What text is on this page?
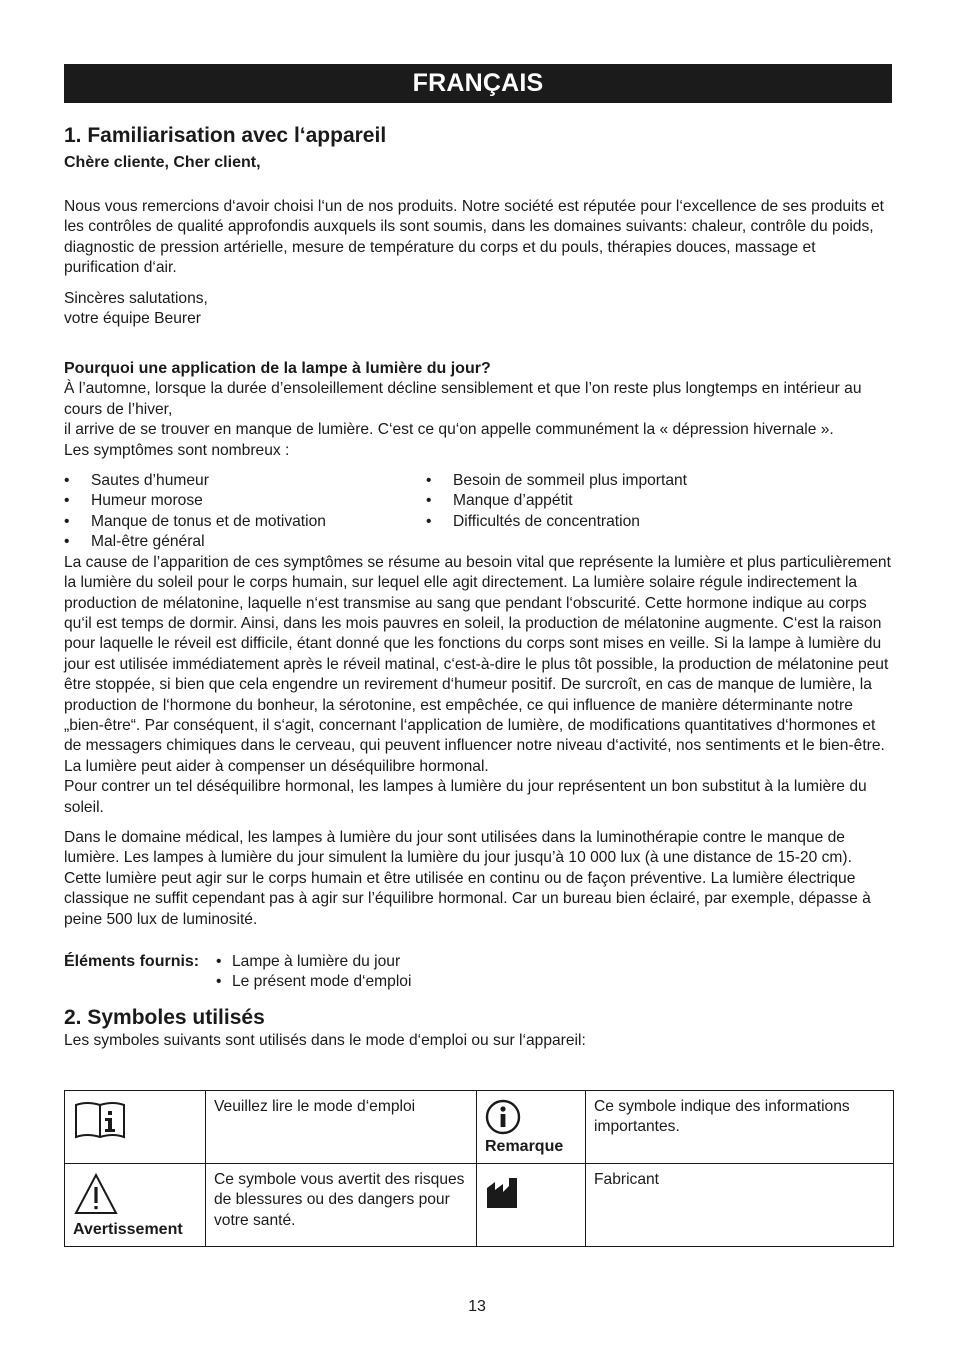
FRANÇAIS
1. Familiarisation avec l‘appareil
Chère cliente, Cher client,

Nous vous remercions d‘avoir choisi l‘un de nos produits. Notre société est réputée pour l‘excellence de ses produits et les contrôles de qualité approfondis auxquels ils sont soumis, dans les domaines suivants: chaleur, contrôle du poids, diagnostic de pression artérielle, mesure de température du corps et du pouls, thérapies douces, massage et purification d‘air.

Sincères salutations,

votre équipe Beurer

Pourquoi une application de la lampe à lumière du jour?

À l’automne, lorsque la durée d’ensoleillement décline sensiblement et que l’on reste plus longtemps en intérieur au cours de l’hiver,

il arrive de se trouver en manque de lumière. C‘est ce qu‘on appelle communément la « dépression hivernale ».

Les symptômes sont nombreux :

• Sautes d’humeur
• Humeur morose
• Manque de tonus et de motivation
• Mal-être général
• Besoin de sommeil plus important
• Manque d’appétit
• Difficultés de concentration

La cause de l’apparition de ces symptômes se résume au besoin vital que représente la lumière et plus particulièrement la lumière du soleil pour le corps humain, sur lequel elle agit directement. La lumière solaire régule indirectement la production de mélatonine, laquelle n‘est transmise au sang que pendant l‘obscurité. Cette hormone indique au corps qu‘il est temps de dormir. Ainsi, dans les mois pauvres en soleil, la production de mélatonine augmente. C‘est la raison pour laquelle le réveil est difficile, étant donné que les fonctions du corps sont mises en veille. Si la lampe à lumière du jour est utilisée immédiatement après le réveil matinal, c‘est-à-dire le plus tôt possible, la production de mélatonine peut être stoppée, si bien que cela engendre un revirement d‘humeur positif. De surcroît, en cas de manque de lumière, la production de l‘hormone du bonheur, la sérotonine, est empêchée, ce qui influence de manière déterminante notre „bien-être“. Par conséquent, il s‘agit, concernant l‘application de lumière, de modifications quantitatives d‘hormones et de messagers chimiques dans le cerveau, qui peuvent influencer notre niveau d‘activité, nos sentiments et le bien-être. La lumière peut aider à compenser un déséquilibre hormonal.

Pour contrer un tel déséquilibre hormonal, les lampes à lumière du jour représentent un bon substitut à la lumière du soleil.

Dans le domaine médical, les lampes à lumière du jour sont utilisées dans la luminothérapie contre le manque de lumière. Les lampes à lumière du jour simulent la lumière du jour jusqu’à 10 000 lux (à une distance de 15-20 cm). Cette lumière peut agir sur le corps humain et être utilisée en continu ou de façon préventive. La lumière électrique classique ne suffit cependant pas à agir sur l’équilibre hormonal. Car un bureau bien éclairé, par exemple, dépasse à peine 500 lux de luminosité.

Éléments fournis:	• Lampe à lumière du jour
• Le présent mode d‘emploi
2. Symboles utilisés

Les symboles suivants sont utilisés dans le mode d‘emploi ou sur l‘appareil:

	Veuillez lire le mode d‘emploi	Remarque	Ce symbole indique des informations importantes.

Avertissement	Ce symbole vous avertit des risques de blessures ou des dangers pour votre santé.		Fabricant
13
